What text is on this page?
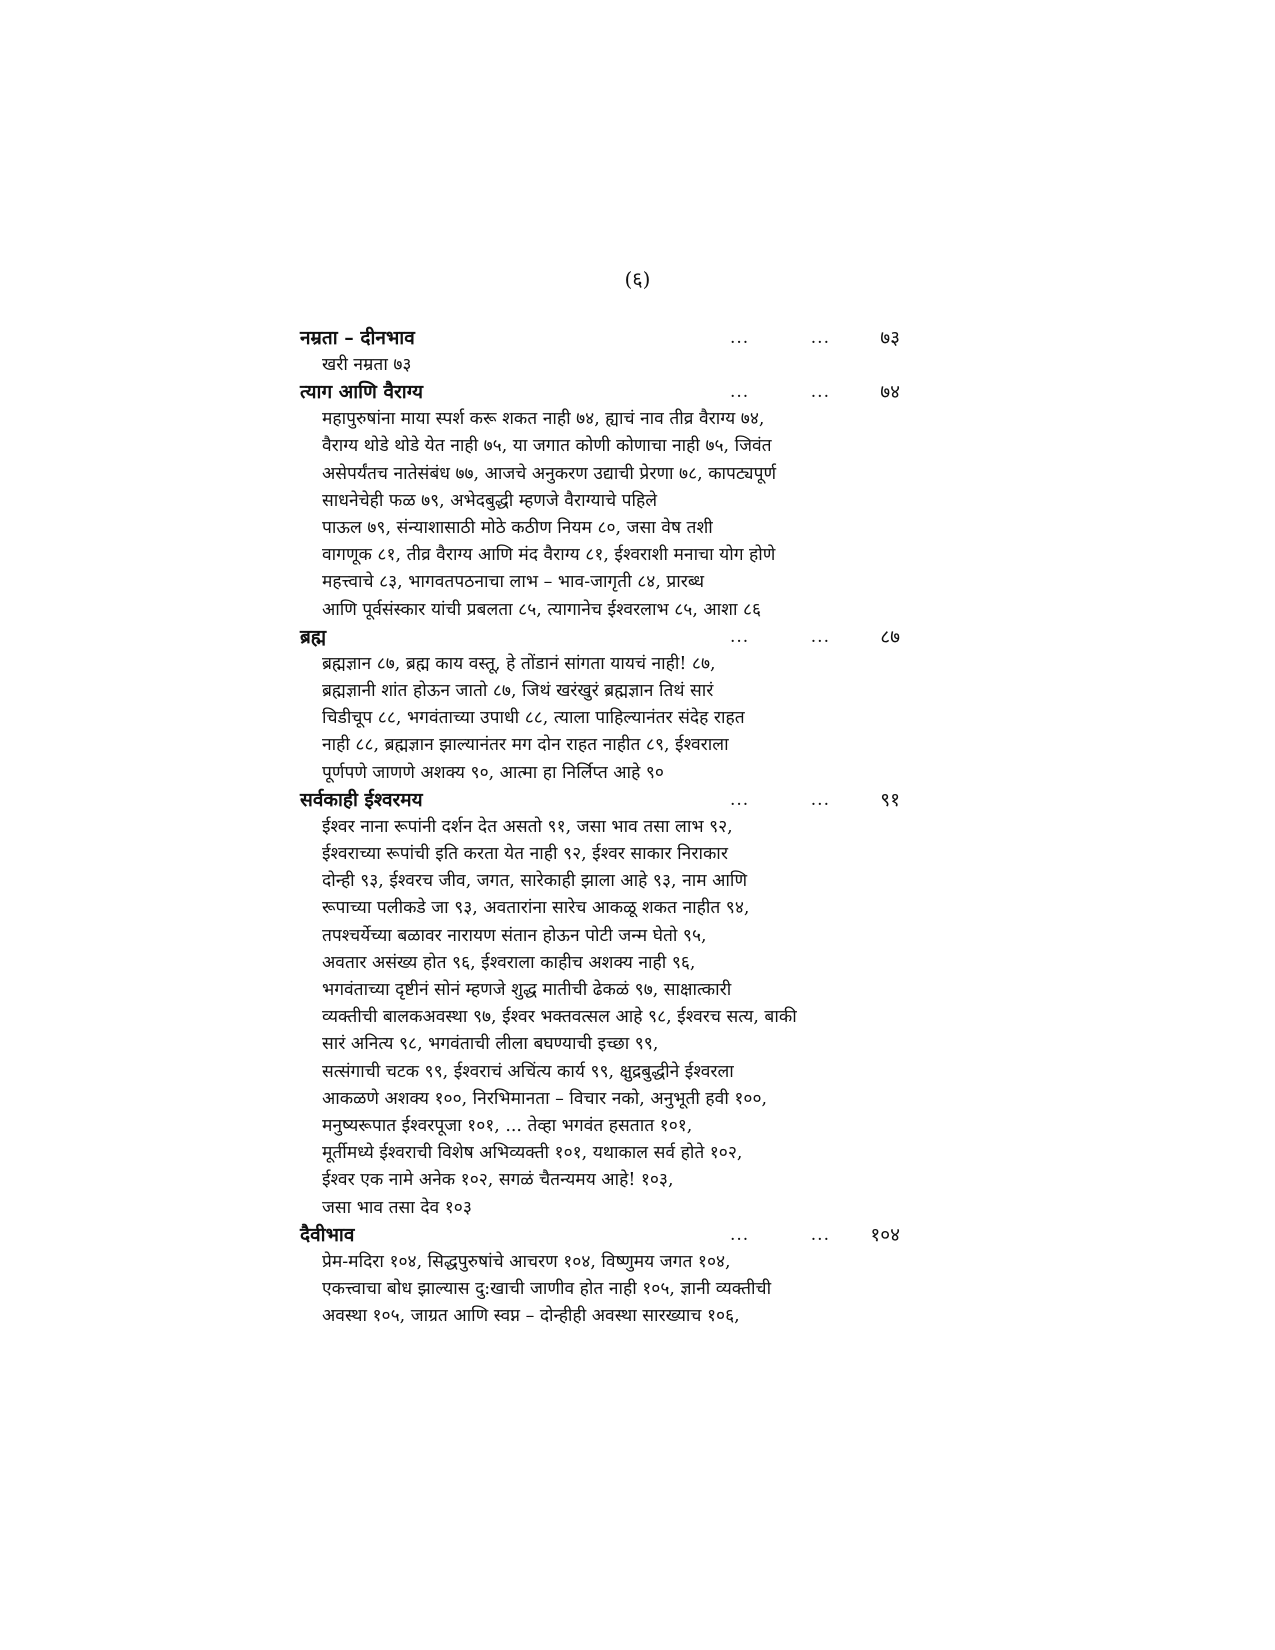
(६)
नम्रता – दीनभाव	...	...	७३
खरी नम्रता ७३
त्याग आणि वैराग्य	...	...	७४
महापुरुषांना माया स्पर्श करू शकत नाही ७४, ह्याचं नाव तीव्र वैराग्य ७४,
वैराग्य थोडे थोडे येत नाही ७५, या जगात कोणी कोणाचा नाही ७५, जिवंत
असेपर्यंतच नातेसंबंध ७७, आजचे अनुकरण उद्याची प्रेरणा ७८, कापट्यपूर्ण
साधनेचेही फळ ७९, अभेदबुद्धी म्हणजे वैराग्याचे पहिले
पाऊल ७९, संन्याशासाठी मोठे कठीण नियम ८०, जसा वेष तशी
वागणूक ८१, तीव्र वैराग्य आणि मंद वैराग्य ८१, ईश्वराशी मनाचा योग होणे
महत्त्वाचे ८३, भागवतपठनाचा लाभ – भाव-जागृती ८४, प्रारब्ध
आणि पूर्वसंस्कार यांची प्रबलता ८५, त्यागानेच ईश्वरलाभ ८५, आशा ८६
ब्रह्म	...	...	८७
ब्रह्मज्ञान ८७, ब्रह्म काय वस्तू, हे तोंडानं सांगता यायचं नाही! ८७,
ब्रह्मज्ञानी शांत होऊन जातो ८७, जिथं खरंखुरं ब्रह्मज्ञान तिथं सारं
चिडीचूप ८८, भगवंताच्या उपाधी ८८, त्याला पाहिल्यानंतर संदेह राहत
नाही ८८, ब्रह्मज्ञान झाल्यानंतर मग दोन राहत नाहीत ८९, ईश्वराला
पूर्णपणे जाणणे अशक्य ९०, आत्मा हा निर्लिप्त आहे ९०
सर्वकाही ईश्वरमय	...	...	९१
ईश्वर नाना रूपांनी दर्शन देत असतो ९१, जसा भाव तसा लाभ ९२,
ईश्वराच्या रूपांची इति करता येत नाही ९२, ईश्वर साकार निराकार
दोन्ही ९३, ईश्वरच जीव, जगत, सारेकाही झाला आहे ९३, नाम आणि
रूपाच्या पलीकडे जा ९३, अवतारांना सारेच आकळू शकत नाहीत ९४,
तपश्चर्येच्या बळावर नारायण संतान होऊन पोटी जन्म घेतो ९५,
अवतार असंख्य होत ९६, ईश्वराला काहीच अशक्य नाही ९६,
भगवंताच्या दृष्टीनं सोनं म्हणजे शुद्ध मातीची ढेकळं ९७, साक्षात्कारी
व्यक्तीची बालकअवस्था ९७, ईश्वर भक्तवत्सल आहे ९८, ईश्वरच सत्य, बाकी
सारं अनित्य ९८, भगवंताची लीला बघण्याची इच्छा ९९,
सत्संगाची चटक ९९, ईश्वराचं अचिंत्य कार्य ९९, क्षुद्रबुद्धीने ईश्वरला
आकळणे अशक्य १००, निरभिमानता – विचार नको, अनुभूती हवी १००,
मनुष्यरूपात ईश्वरपूजा १०१, ... तेव्हा भगवंत हसतात १०१,
मूर्तीमध्ये ईश्वराची विशेष अभिव्यक्ती १०१, यथाकाल सर्व होते १०२,
ईश्वर एक नामे अनेक १०२, सगळं चैतन्यमय आहे! १०३,
जसा भाव तसा देव १०३
दैवीभाव	...	... १०४
प्रेम-मदिरा १०४, सिद्धपुरुषांचे आचरण १०४, विष्णुमय जगत १०४,
एकत्त्वाचा बोध झाल्यास दु:खाची जाणीव होत नाही १०५, ज्ञानी व्यक्तीची
अवस्था १०५, जाग्रत आणि स्वप्न – दोन्हीही अवस्था सारख्याच १०६,
